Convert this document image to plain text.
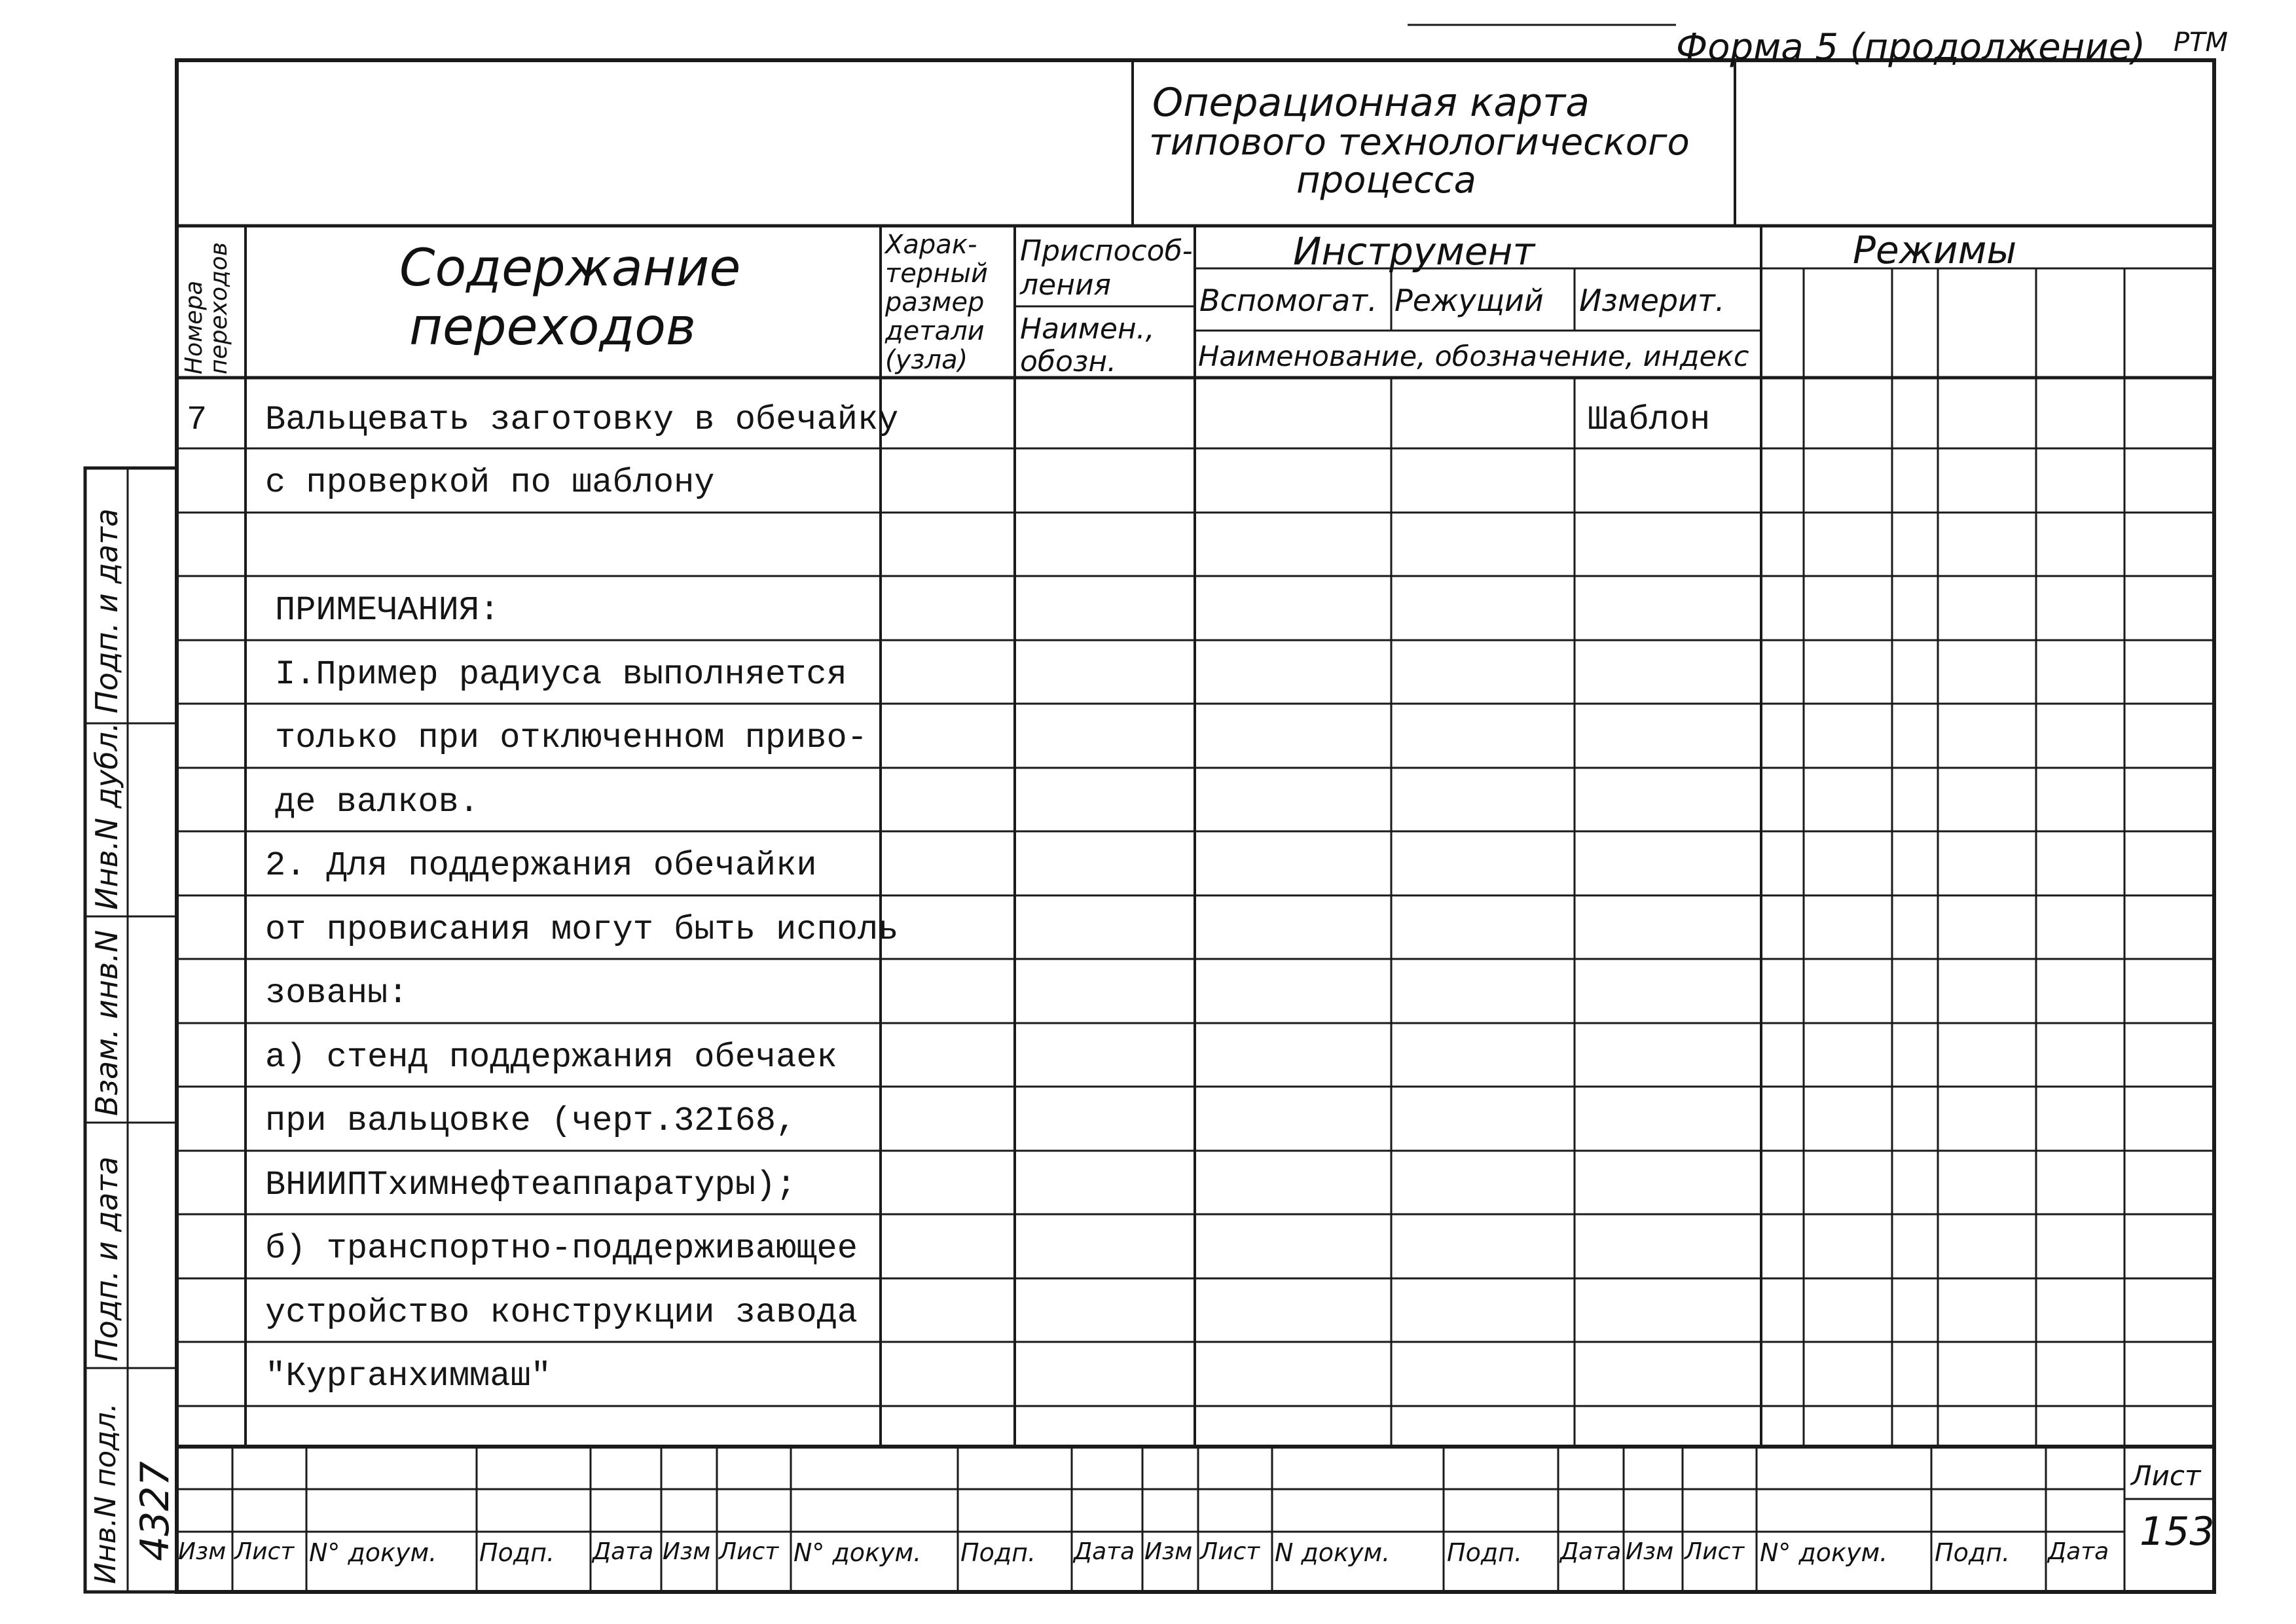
Форма 5 (продолжение) РТМ
Операционная карта
типового технологического
процесса
Номера
переходов	Содержание
переходов
Харак-
терный
размер
детали
(узла)
Приспособ-
ления
Наимен.,
обозн.
Инструмент
Вспомогат. Режущий Измерит.
Наименование, обозначение, индекс
Режимы
7 Вальцевать заготовку в обечайку	Шаблон
с проверкой по шаблону
ПРИМЕЧАНИЯ:
I.Пример радиуса выполняется
только при отключенном приво-
де валков.
2. Для поддержания обечайки
от провисания могут быть исполь
зованы:
а) стенд поддержания обечаек
при вальцовке (черт.32I68,
ВНИИПТхимнефтеаппаратуры);
б) транспортно-поддерживающее
устройство конструкции завода
"Курганхиммаш"
Подп. и дата
Инв.N дубл.
Взам. инв.N
Подп. и дата
Инв.N подл. 4327 Изм Лист N° докум. Подп. Дата Изм Лист N° докум. Подп. Дата Изм Лист N докум. Подп. Дата Изм Лист N° докум. Подп. Дата
Лист
153
